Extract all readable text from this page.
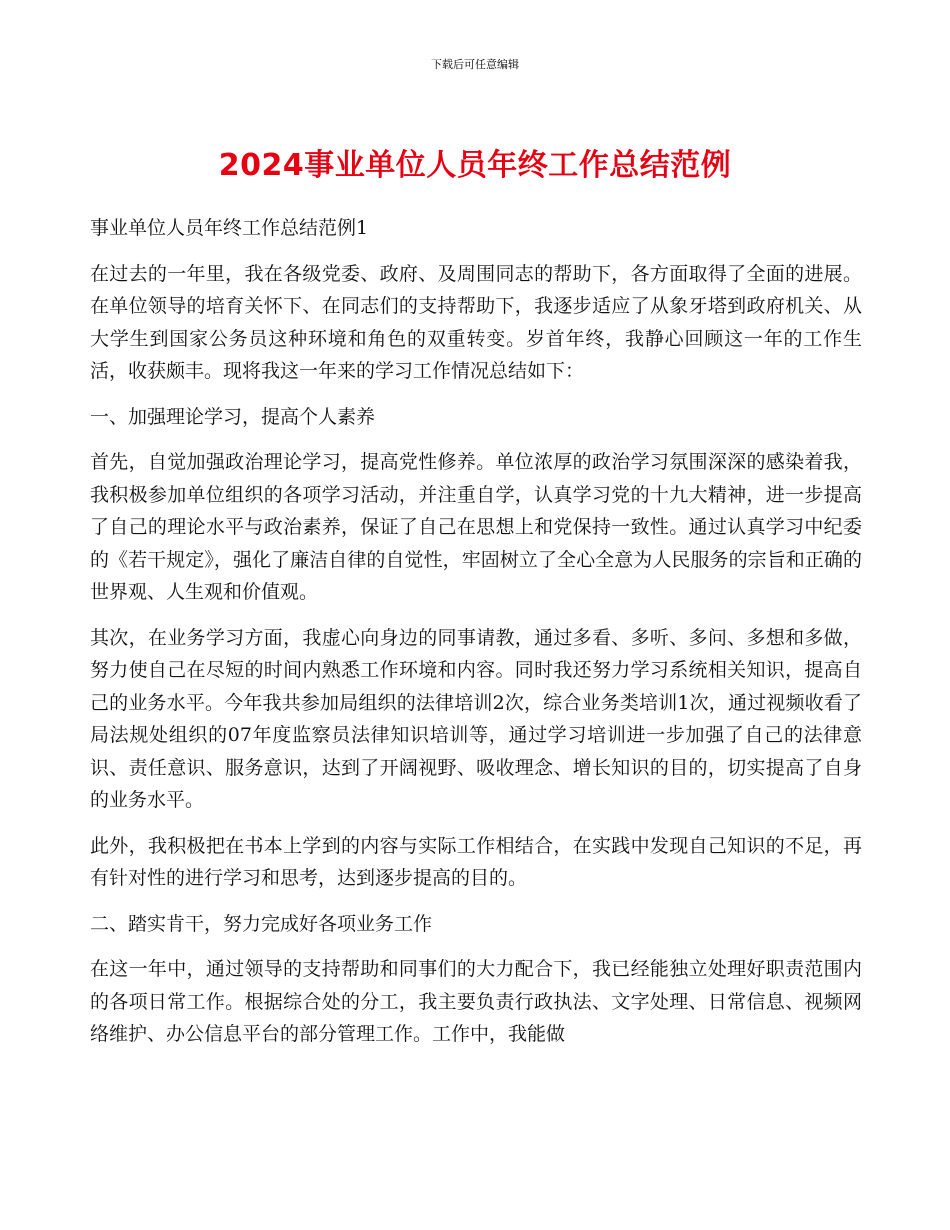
下载后可任意编辑
2024事业单位人员年终工作总结范例

事业单位人员年终工作总结范例1

在过去的一年里，我在各级党委、政府、及周围同志的帮助下，各方面取得了全面的进展。在单位领导的培育关怀下、在同志们的支持帮助下，我逐步适应了从象牙塔到政府机关、从大学生到国家公务员这种环境和角色的双重转变。岁首年终，我静心回顾这一年的工作生活，收获颇丰。现将我这一年来的学习工作情况总结如下：

一、加强理论学习，提高个人素养

首先，自觉加强政治理论学习，提高党性修养。单位浓厚的政治学习氛围深深的感染着我，我积极参加单位组织的各项学习活动，并注重自学，认真学习党的十九大精神，进一步提高了自己的理论水平与政治素养，保证了自己在思想上和党保持一致性。通过认真学习中纪委的《若干规定》，强化了廉洁自律的自觉性，牢固树立了全心全意为人民服务的宗旨和正确的世界观、人生观和价值观。

其次，在业务学习方面，我虚心向身边的同事请教，通过多看、多听、多问、多想和多做，努力使自己在尽短的时间内熟悉工作环境和内容。同时我还努力学习系统相关知识，提高自己的业务水平。今年我共参加局组织的法律培训2次，综合业务类培训1次，通过视频收看了局法规处组织的07年度监察员法律知识培训等，通过学习培训进一步加强了自己的法律意识、责任意识、服务意识，达到了开阔视野、吸收理念、增长知识的目的，切实提高了自身的业务水平。

此外，我积极把在书本上学到的内容与实际工作相结合，在实践中发现自己知识的不足，再有针对性的进行学习和思考，达到逐步提高的目的。

二、踏实肯干，努力完成好各项业务工作

在这一年中，通过领导的支持帮助和同事们的大力配合下，我已经能独立处理好职责范围内的各项日常工作。根据综合处的分工，我主要负责行政执法、文字处理、日常信息、视频网络维护、办公信息平台的部分管理工作。工作中，我能做
